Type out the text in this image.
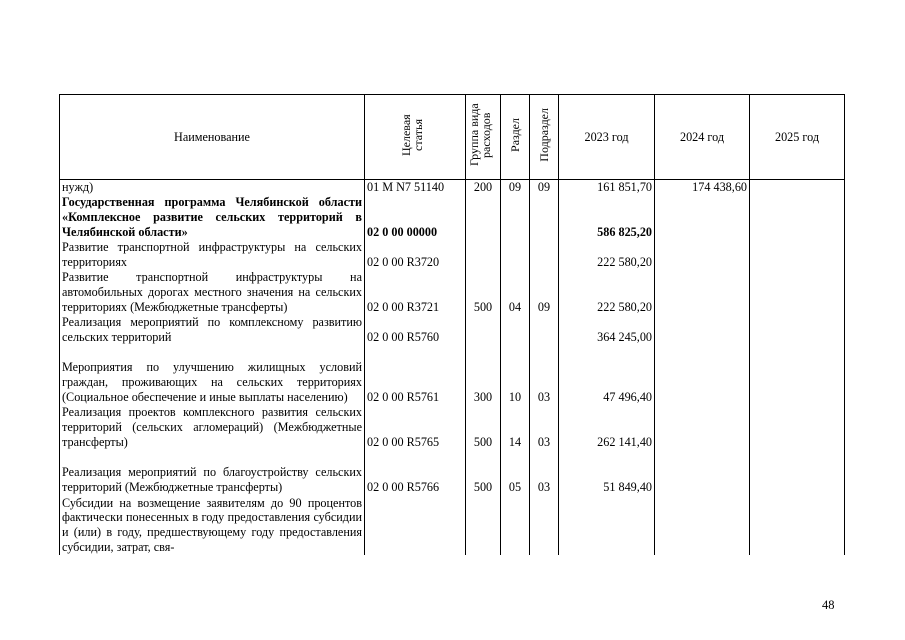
Наименование	Целевая статья	Группа вида расходов	Раздел	Подраздел	2023 год	2024 год	2025 год
нужд)	01 M N7 51140	200	09	09	161 851,70	174 438,60	
Государственная программа Челябинской области «Комплексное развитие сельских территорий в Челябинской области»	02 0 00 00000				586 825,20		
Развитие транспортной инфраструктуры на сельских территориях	02 0 00 R3720				222 580,20		
Развитие транспортной инфраструктуры на автомобильных дорогах местного значения на сельских территориях (Межбюджетные трансферты)	02 0 00 R3721	500	04	09	222 580,20		
Реализация мероприятий по комплексному развитию сельских территорий	02 0 00 R5760				364 245,00		
Мероприятия по улучшению жилищных условий граждан, проживающих на сельских территориях (Социальное обеспечение и иные выплаты населению)	02 0 00 R5761	300	10	03	47 496,40		
Реализация проектов комплексного развития сельских территорий (сельских агломераций) (Межбюджетные трансферты)	02 0 00 R5765	500	14	03	262 141,40		
Реализация мероприятий по благоустройству сельских территорий (Межбюджетные трансферты)	02 0 00 R5766	500	05	03	51 849,40		
Субсидии на возмещение заявителям до 90 процентов фактически понесенных в году предоставления субсидии и (или) в году, предшествующему году предоставления субсидии, затрат, свя-							
48
